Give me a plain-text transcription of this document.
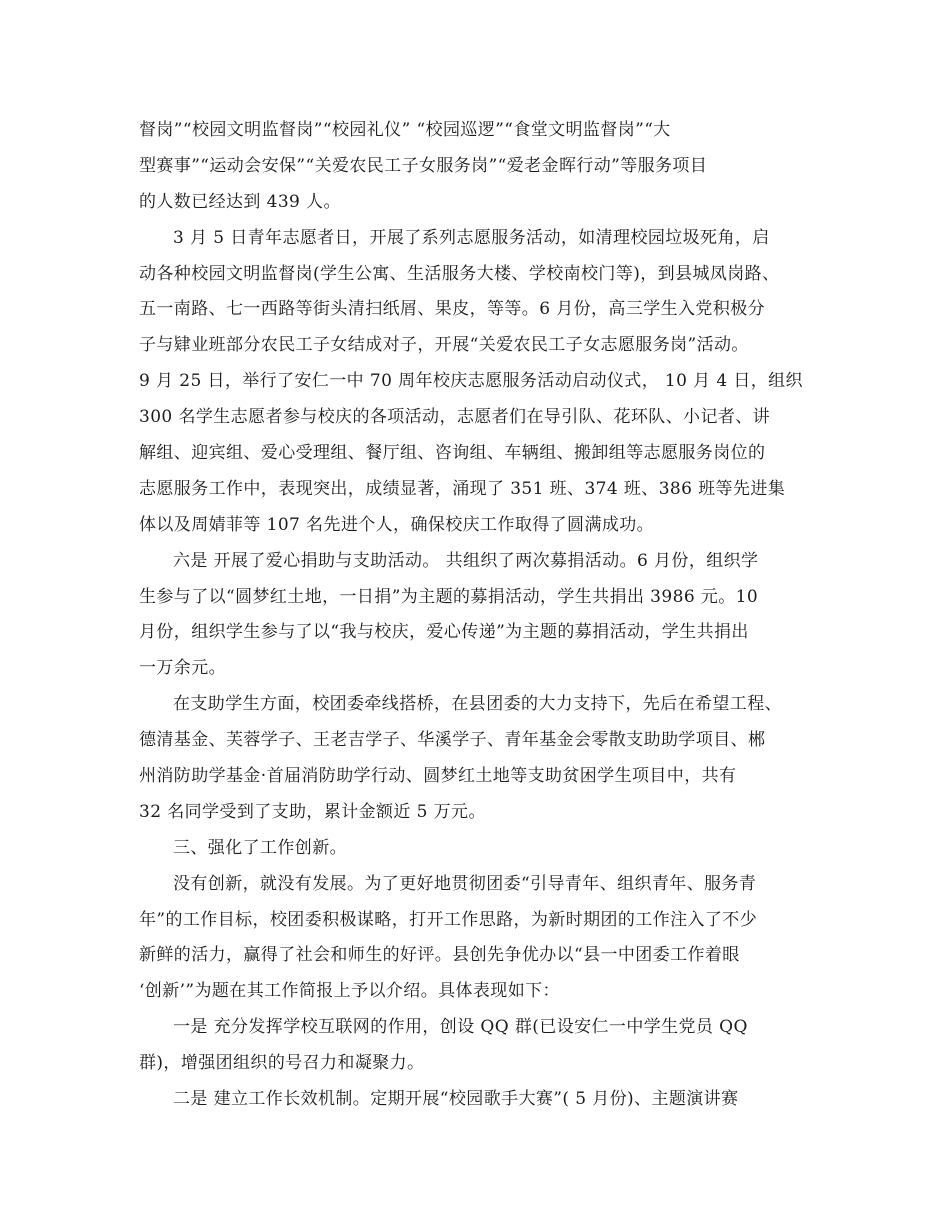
督岗”“校园文明监督岗”“校园礼仪” “校园巡逻”“食堂文明监督岗”“大
型赛事”“运动会安保”“关爱农民工子女服务岗”“爱老金晖行动”等服务项目
的人数已经达到 439 人。
3 月 5 日青年志愿者日，开展了系列志愿服务活动，如清理校园垃圾死角，启
动各种校园文明监督岗(学生公寓、生活服务大楼、学校南校门等)，到县城凤岗路、
五一南路、七一西路等街头清扫纸屑、果皮，等等。6 月份，高三学生入党积极分
子与肄业班部分农民工子女结成对子，开展“关爱农民工子女志愿服务岗”活动。
9 月 25 日，举行了安仁一中 70 周年校庆志愿服务活动启动仪式， 10 月 4 日，组织
300 名学生志愿者参与校庆的各项活动，志愿者们在导引队、花环队、小记者、讲
解组、迎宾组、爱心受理组、餐厅组、咨询组、车辆组、搬卸组等志愿服务岗位的
志愿服务工作中，表现突出，成绩显著，涌现了 351 班、374 班、386 班等先进集
体以及周婧菲等 107 名先进个人，确保校庆工作取得了圆满成功。
六是 开展了爱心捐助与支助活动。 共组织了两次募捐活动。6 月份，组织学
生参与了以“圆梦红土地，一日捐”为主题的募捐活动，学生共捐出 3986 元。10
月份，组织学生参与了以“我与校庆，爱心传递”为主题的募捐活动，学生共捐出
一万余元。
在支助学生方面，校团委牵线搭桥，在县团委的大力支持下，先后在希望工程、
德清基金、芙蓉学子、王老吉学子、华溪学子、青年基金会零散支助助学项目、郴
州消防助学基金·首届消防助学行动、圆梦红土地等支助贫困学生项目中，共有
32 名同学受到了支助，累计金额近 5 万元。
三、强化了工作创新。
没有创新，就没有发展。为了更好地贯彻团委“引导青年、组织青年、服务青
年”的工作目标，校团委积极谋略，打开工作思路，为新时期团的工作注入了不少
新鲜的活力，赢得了社会和师生的好评。县创先争优办以“县一中团委工作着眼
‘创新’”为题在其工作简报上予以介绍。具体表现如下：
一是 充分发挥学校互联网的作用，创设 QQ 群(已设安仁一中学生党员 QQ
群)，增强团组织的号召力和凝聚力。
二是 建立工作长效机制。定期开展“校园歌手大赛”( 5 月份)、主题演讲赛
